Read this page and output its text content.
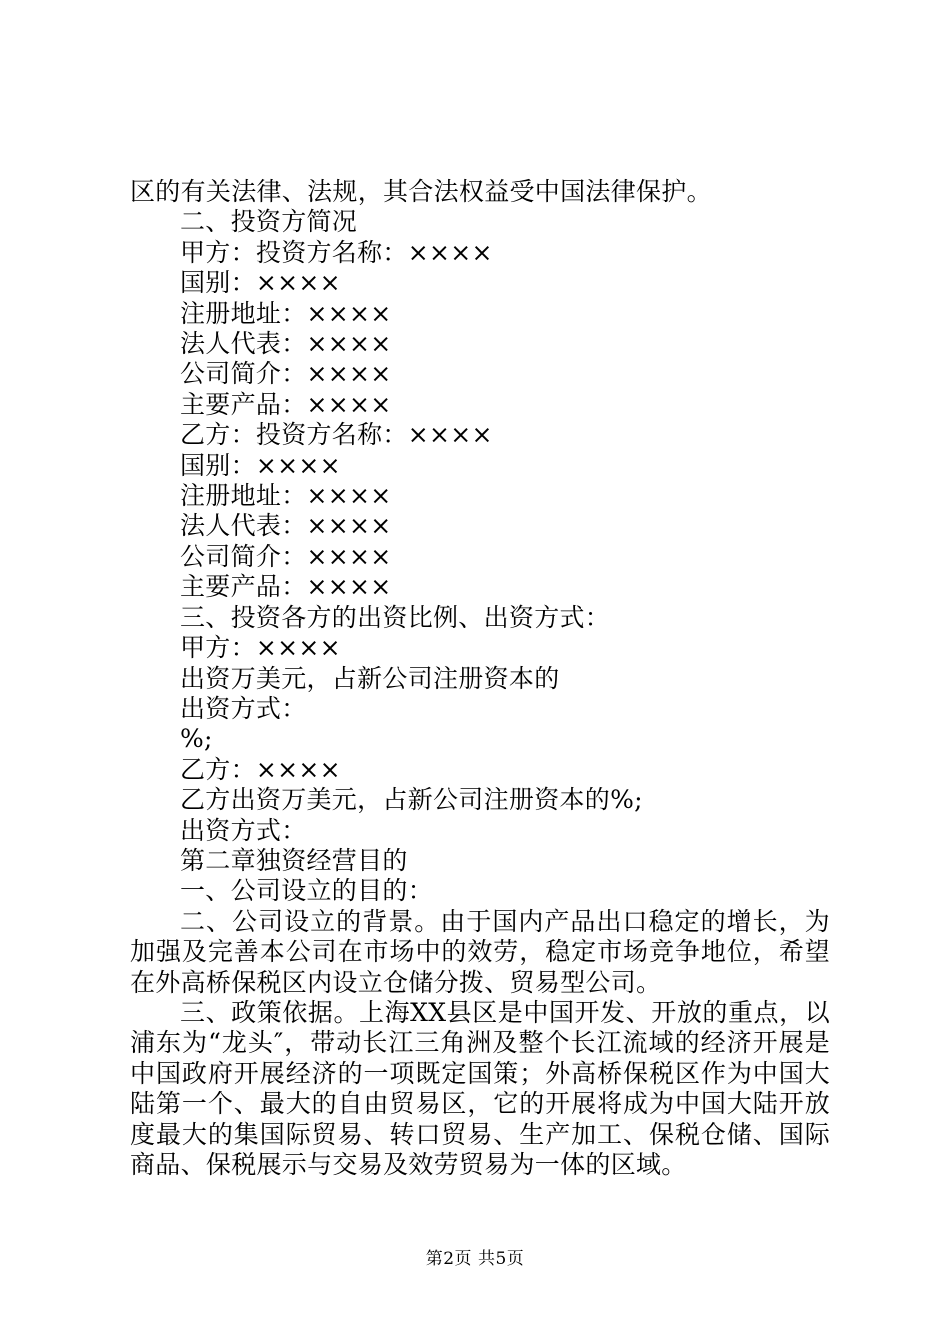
区的有关法律、法规，其合法权益受中国法律保护。
二、投资方简况
甲方：投资方名称：××××
国别：××××
注册地址：××××
法人代表：××××
公司简介：××××
主要产品：××××
乙方：投资方名称：××××
国别：××××
注册地址：××××
法人代表：××××
公司简介：××××
主要产品：××××
三、投资各方的出资比例、出资方式：
甲方：××××
出资万美元，占新公司注册资本的
出资方式：
%;
乙方：××××
乙方出资万美元，占新公司注册资本的%;
出资方式：
第二章独资经营目的
一、公司设立的目的：
二、公司设立的背景。由于国内产品出口稳定的增长，为加强及完善本公司在市场中的效劳，稳定市场竞争地位，希望在外高桥保税区内设立仓储分拨、贸易型公司。
三、政策依据。上海XX县区是中国开发、开放的重点，以浦东为“龙头″，带动长江三角洲及整个长江流域的经济开展是中国政府开展经济的一项既定国策；外高桥保税区作为中国大陆第一个、最大的自由贸易区，它的开展将成为中国大陆开放度最大的集国际贸易、转口贸易、生产加工、保税仓储、国际商品、保税展示与交易及效劳贸易为一体的区域。
第2页 共5页
